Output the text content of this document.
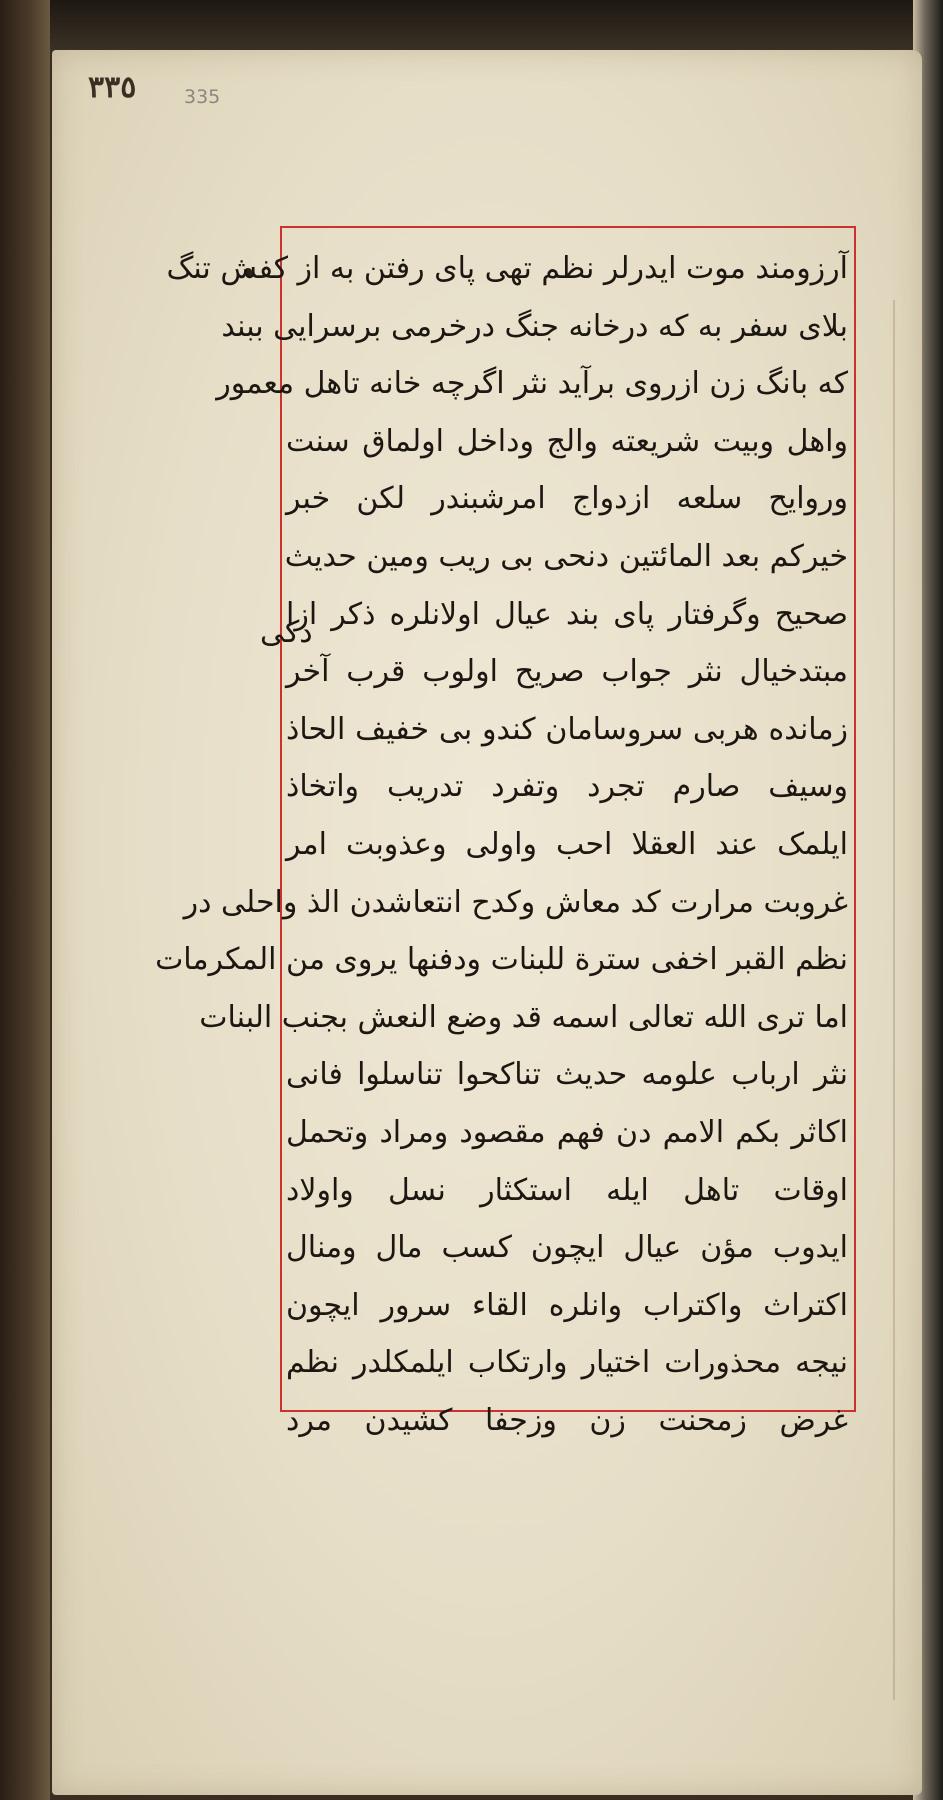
٣٣٥	335
دکی
آرزومند موت ایدرلر نظم تهی پای رفتن به از کفش تنگ
بلای سفر به که درخانه جنگ درخرمی برسرایی ببند
که بانگ زن ازروی برآید نثر اگرچه خانه تاهل معمور
واهل وبیت شریعته والج وداخل اولماق سنت
وروایح سلعه ازدواج امرشبندر لکن خبر
خیرکم بعد المائتین دنحی بی ریب ومین حدیث
صحیح وگرفتار پای بند عیال اولانلره ذکر ازا
مبتدخیال نثر جواب صریح اولوب قرب آخر
زمانده هربی سروسامان کندو بی خفیف الحاذ
وسیف صارم تجرد وتفرد تدریب واتخاذ
ایلمک عند العقلا احب واولی وعذوبت امر
غروبت مرارت کد معاش وکدح انتعاشدن الذ واحلی در
نظم القبر اخفی سترة للبنات ودفنها یروی من المکرمات
اما تری الله تعالی اسمه قد وضع النعش بجنب البنات
نثر ارباب علومه حدیث تناکحوا تناسلوا فانی
اکاثر بکم الامم دن فهم مقصود ومراد وتحمل
اوقات تاهل ایله استکثار نسل واولاد
ایدوب مؤن عیال ایچون کسب مال ومنال
اکتراث واکتراب وانلره القاء سرور ایچون
نیجه محذورات اختیار وارتکاب ایلمکلدر نظم
غرض زمحنت زن وزجفا کشیدن مرد
